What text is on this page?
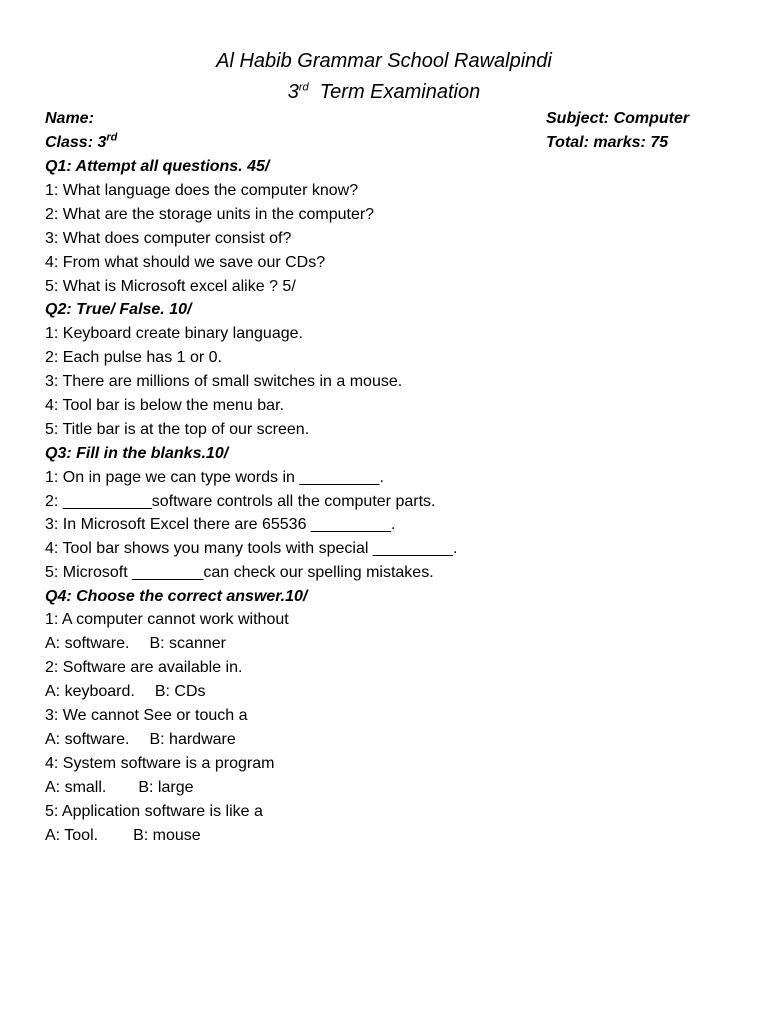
Al Habib Grammar School Rawalpindi
3rd Term Examination
Name:	Subject: Computer
Class: 3rd	Total: marks: 75
Q1: Attempt all questions. 45/
1: What language does the computer know?
2: What are the storage units in the computer?
3: What does computer consist of?
4: From what should we save our CDs?
5: What is Microsoft excel alike ? 5/
Q2: True/ False. 10/
1: Keyboard create binary language.
2: Each pulse has 1 or 0.
3: There are millions of small switches in a mouse.
4: Tool bar is below the menu bar.
5: Title bar is at the top of our screen.
Q3: Fill in the blanks.10/
1: On in page we can type words in _________.
2: __________software controls all the computer parts.
3: In Microsoft Excel there are 65536 _________.
4: Tool bar shows you many tools with special _________.
5: Microsoft ________can check our spelling mistakes.
Q4: Choose the correct answer.10/
1: A computer cannot work without
A: software. B: scanner
2: Software are available in.
A: keyboard. B: CDs
3: We cannot See or touch a
A: software. B: hardware
4: System software is a program
A: small. B: large
5: Application software is like a
A: Tool. B: mouse
